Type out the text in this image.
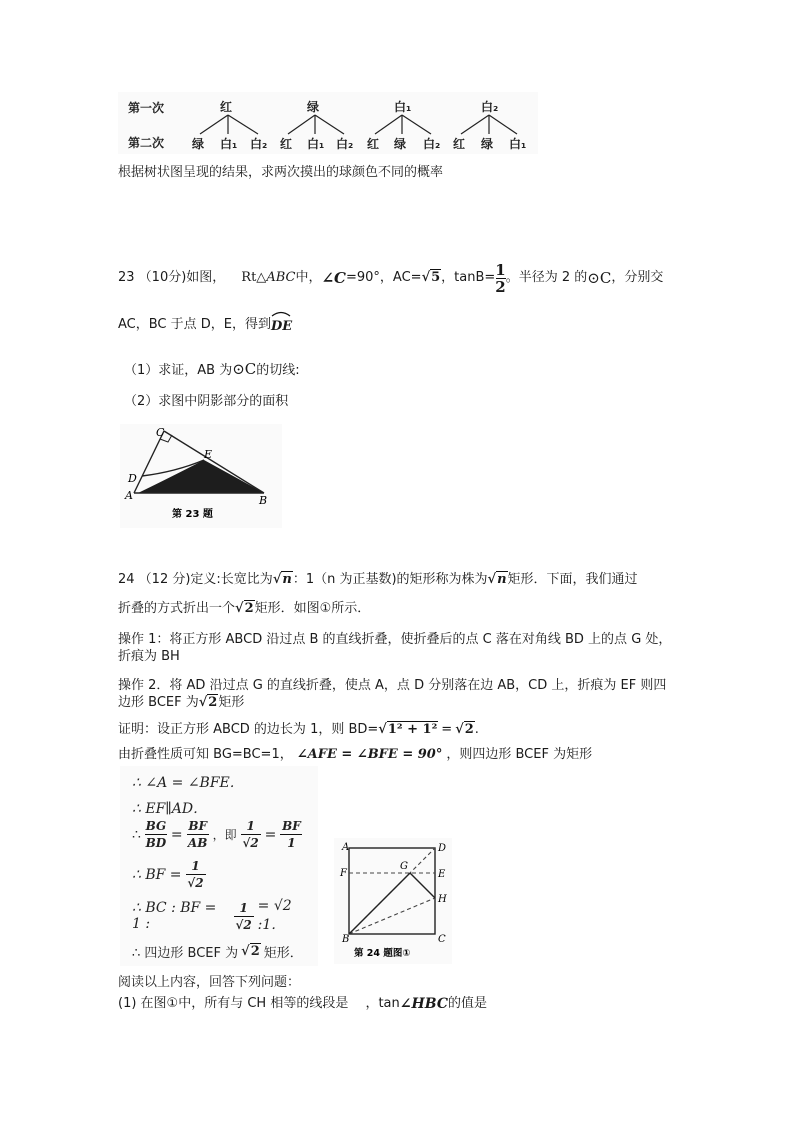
第一次
第二次
红	绿	白₁	白₂
绿 白₁ 白₂ 红 白₁ 白₂ 红 绿 白₂ 红 绿 白₁
根据树状图呈现的结果，求两次摸出的球颜色不同的概率
23 （10分)如图， Rt△ ABC 中， ∠C =90°，AC= √5 ，$\tan B= \frac{1}{2}$ 。半径为 2 的 ⊙C ，分别交
AC，BC 于点 D，E，得到 DE
（1）求证，AB 为⊙C的切线:
（2）求图中阴影部分的面积
C
D
A
E
B
第 23 题
24 （12 分)定义:长宽比为 √n ：1（n 为正基数)的矩形称为株为 √n 矩形．下面，我们通过
折叠的方式折出一个 √2 矩形．如图①所示．
操作 1：将正方形 ABCD 沿过点 B 的直线折叠，使折叠后的点 C 落在对角线 BD 上的点 G 处，
折痕为 BH
操作 2．将 AD 沿过点 G 的直线折叠，使点 A，点 D 分别落在边 AB，CD 上，折痕为 EF 则四
边形 BCEF 为 √2 矩形
证明：设正方形 ABCD 的边长为 1，则 BD= √1² + 1² = √2 .
由折叠性质可知 BG=BC=1， ∠AFE = ∠BFE = 90° ，则四边形 BCEF 为矩形
∴ ∠A = ∠BFE．
∴ EF∥AD．
∴ $\frac{BG}{BD} = \frac{BF}{AB}$ ，即 $\frac{1}{√2} = \frac{BF}{1}$
∴ BF = $\frac{1}{√2}$
∴ BC : BF = 1 :	$\frac{1}{√2} = √2$ :1．
∴ 四边形 BCEF 为 √2 矩形．
A	D
G
F	E
H
B	C
第 24 题图①
阅读以上内容，回答下列问题：
(1) 在图①中，所有与 CH 相等的线段是　 ，tan ∠HBC 的值是
